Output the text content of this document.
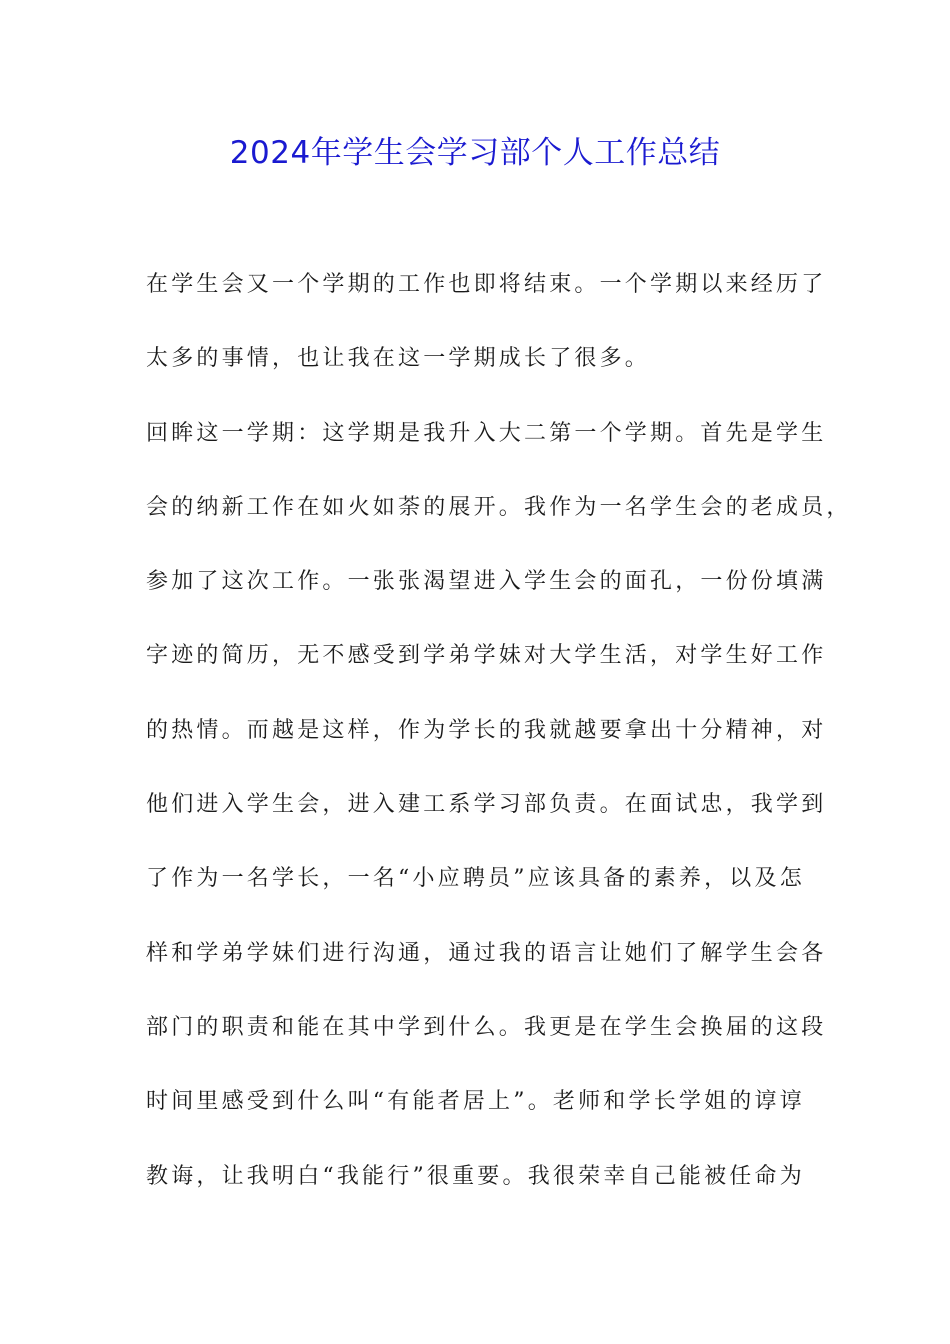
2024年学生会学习部个人工作总结
在学生会又一个学期的工作也即将结束。一个学期以来经历了
太多的事情，也让我在这一学期成长了很多。
回眸这一学期：这学期是我升入大二第一个学期。首先是学生
会的纳新工作在如火如荼的展开。我作为一名学生会的老成员，
参加了这次工作。一张张渴望进入学生会的面孔，一份份填满
字迹的简历，无不感受到学弟学妹对大学生活，对学生好工作
的热情。而越是这样，作为学长的我就越要拿出十分精神，对
他们进入学生会，进入建工系学习部负责。在面试忠，我学到
了作为一名学长，一名“小应聘员”应该具备的素养，以及怎
样和学弟学妹们进行沟通，通过我的语言让她们了解学生会各
部门的职责和能在其中学到什么。我更是在学生会换届的这段
时间里感受到什么叫“有能者居上”。老师和学长学姐的谆谆
教诲，让我明白“我能行”很重要。我很荣幸自己能被任命为
